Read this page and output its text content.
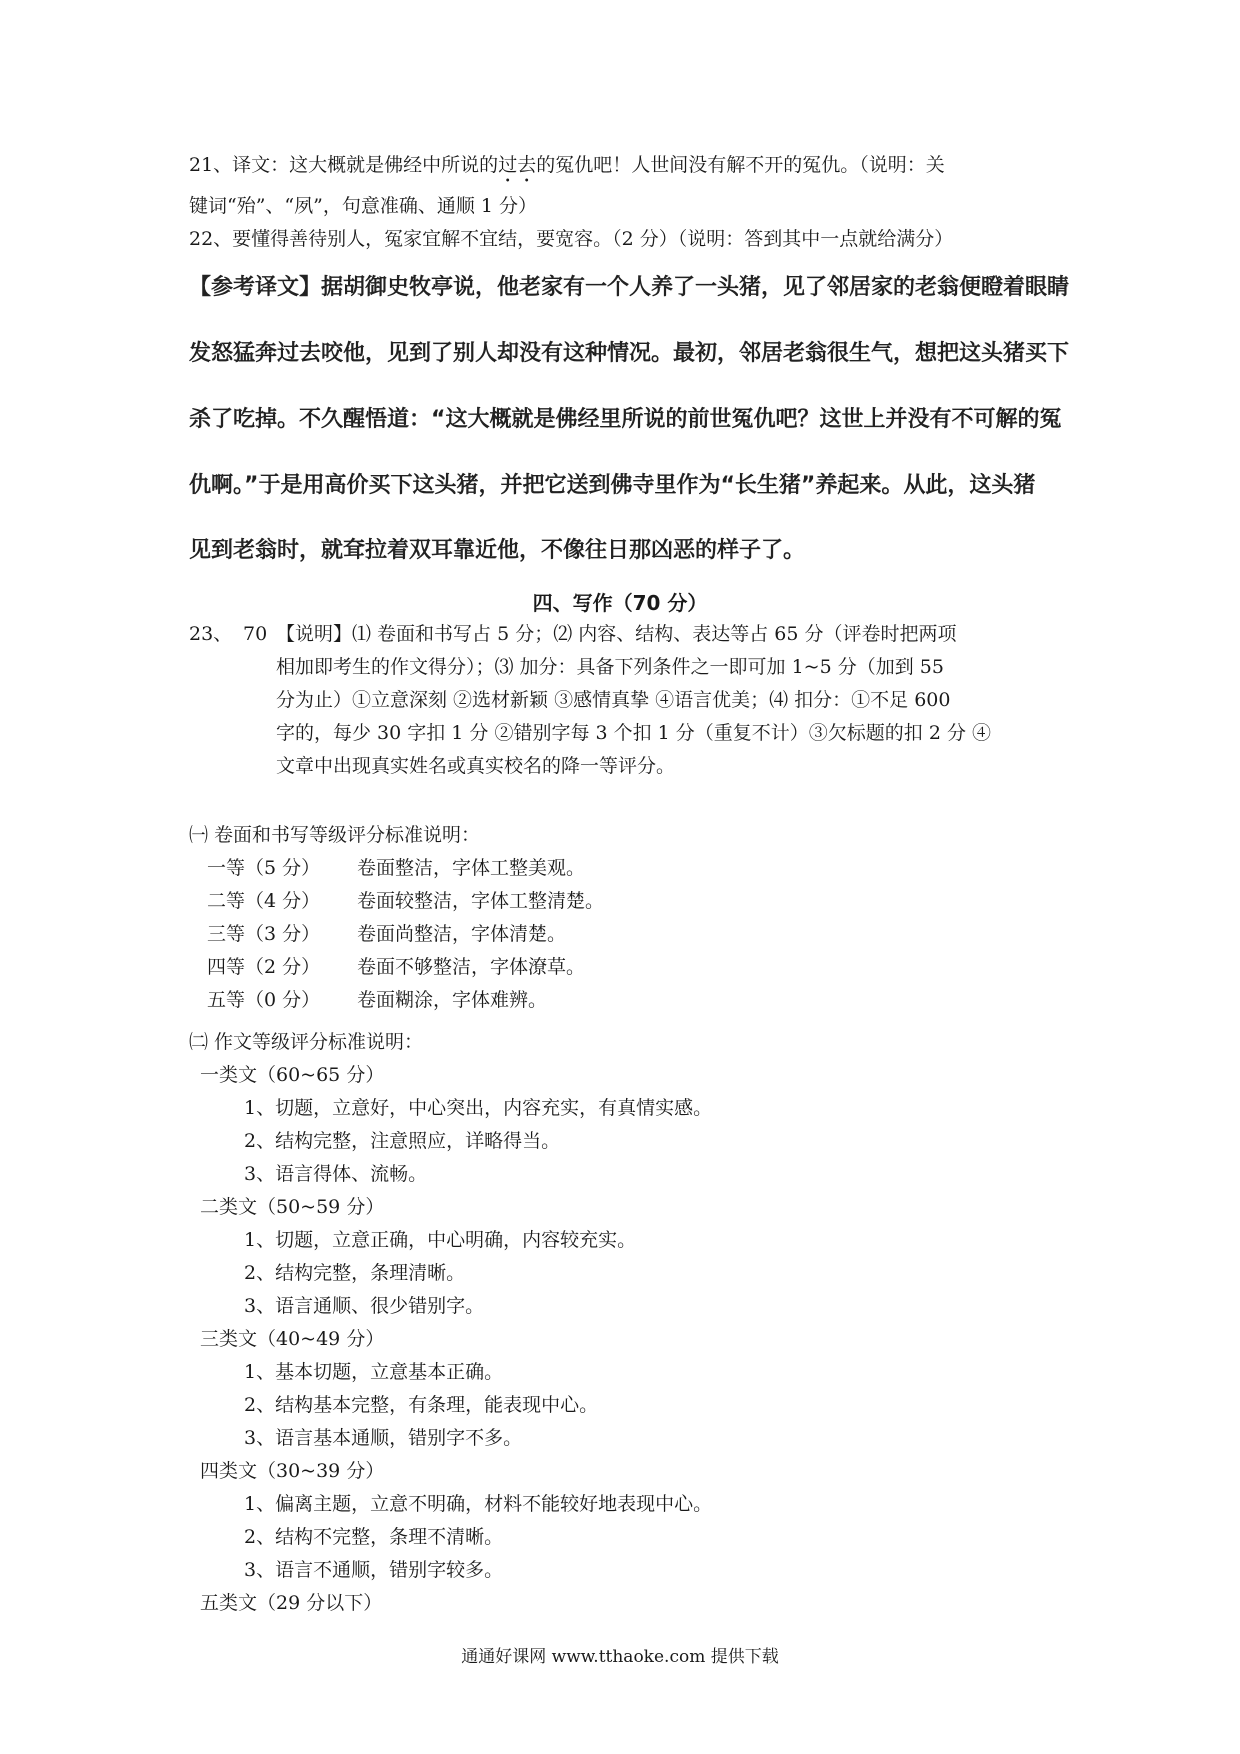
21、译文：这大概就是佛经中所说的过去的冤仇吧！人世间没有解不开的冤仇。（说明：关
键词“殆”、“夙”，句意准确、通顺 1 分）
22、要懂得善待别人，冤家宜解不宜结，要宽容。（2 分）（说明：答到其中一点就给满分）
【参考译文】据胡御史牧亭说，他老家有一个人养了一头猪，见了邻居家的老翁便瞪着眼睛
发怒猛奔过去咬他，见到了别人却没有这种情况。最初，邻居老翁很生气，想把这头猪买下
杀了吃掉。不久醒悟道：“这大概就是佛经里所说的前世冤仇吧？这世上并没有不可解的冤
仇啊。”于是用高价买下这头猪，并把它送到佛寺里作为“长生猪”养起来。从此，这头猪
见到老翁时，就耷拉着双耳靠近他，不像往日那凶恶的样子了。
四、写作（70 分）
23、 70 【说明】⑴ 卷面和书写占 5 分；⑵ 内容、结构、表达等占 65 分（评卷时把两项
相加即考生的作文得分）；⑶ 加分：具备下列条件之一即可加 1~5 分（加到 55
分为止）①立意深刻 ②选材新颖 ③感情真挚 ④语言优美；⑷ 扣分：①不足 600
字的，每少 30 字扣 1 分 ②错别字每 3 个扣 1 分（重复不计）③欠标题的扣 2 分 ④
文章中出现真实姓名或真实校名的降一等评分。
㈠ 卷面和书写等级评分标准说明：
一等（5 分） 卷面整洁，字体工整美观。
二等（4 分） 卷面较整洁，字体工整清楚。
三等（3 分） 卷面尚整洁，字体清楚。
四等（2 分） 卷面不够整洁，字体潦草。
五等（0 分） 卷面糊涂，字体难辨。
㈡ 作文等级评分标准说明：
一类文（60~65 分）
1、切题，立意好，中心突出，内容充实，有真情实感。
2、结构完整，注意照应，详略得当。
3、语言得体、流畅。
二类文（50~59 分）
1、切题，立意正确，中心明确，内容较充实。
2、结构完整，条理清晰。
3、语言通顺、很少错别字。
三类文（40~49 分）
1、基本切题，立意基本正确。
2、结构基本完整，有条理，能表现中心。
3、语言基本通顺，错别字不多。
四类文（30~39 分）
1、偏离主题，立意不明确，材料不能较好地表现中心。
2、结构不完整，条理不清晰。
3、语言不通顺，错别字较多。
五类文（29 分以下）
通通好课网 www.tthaoke.com 提供下载
